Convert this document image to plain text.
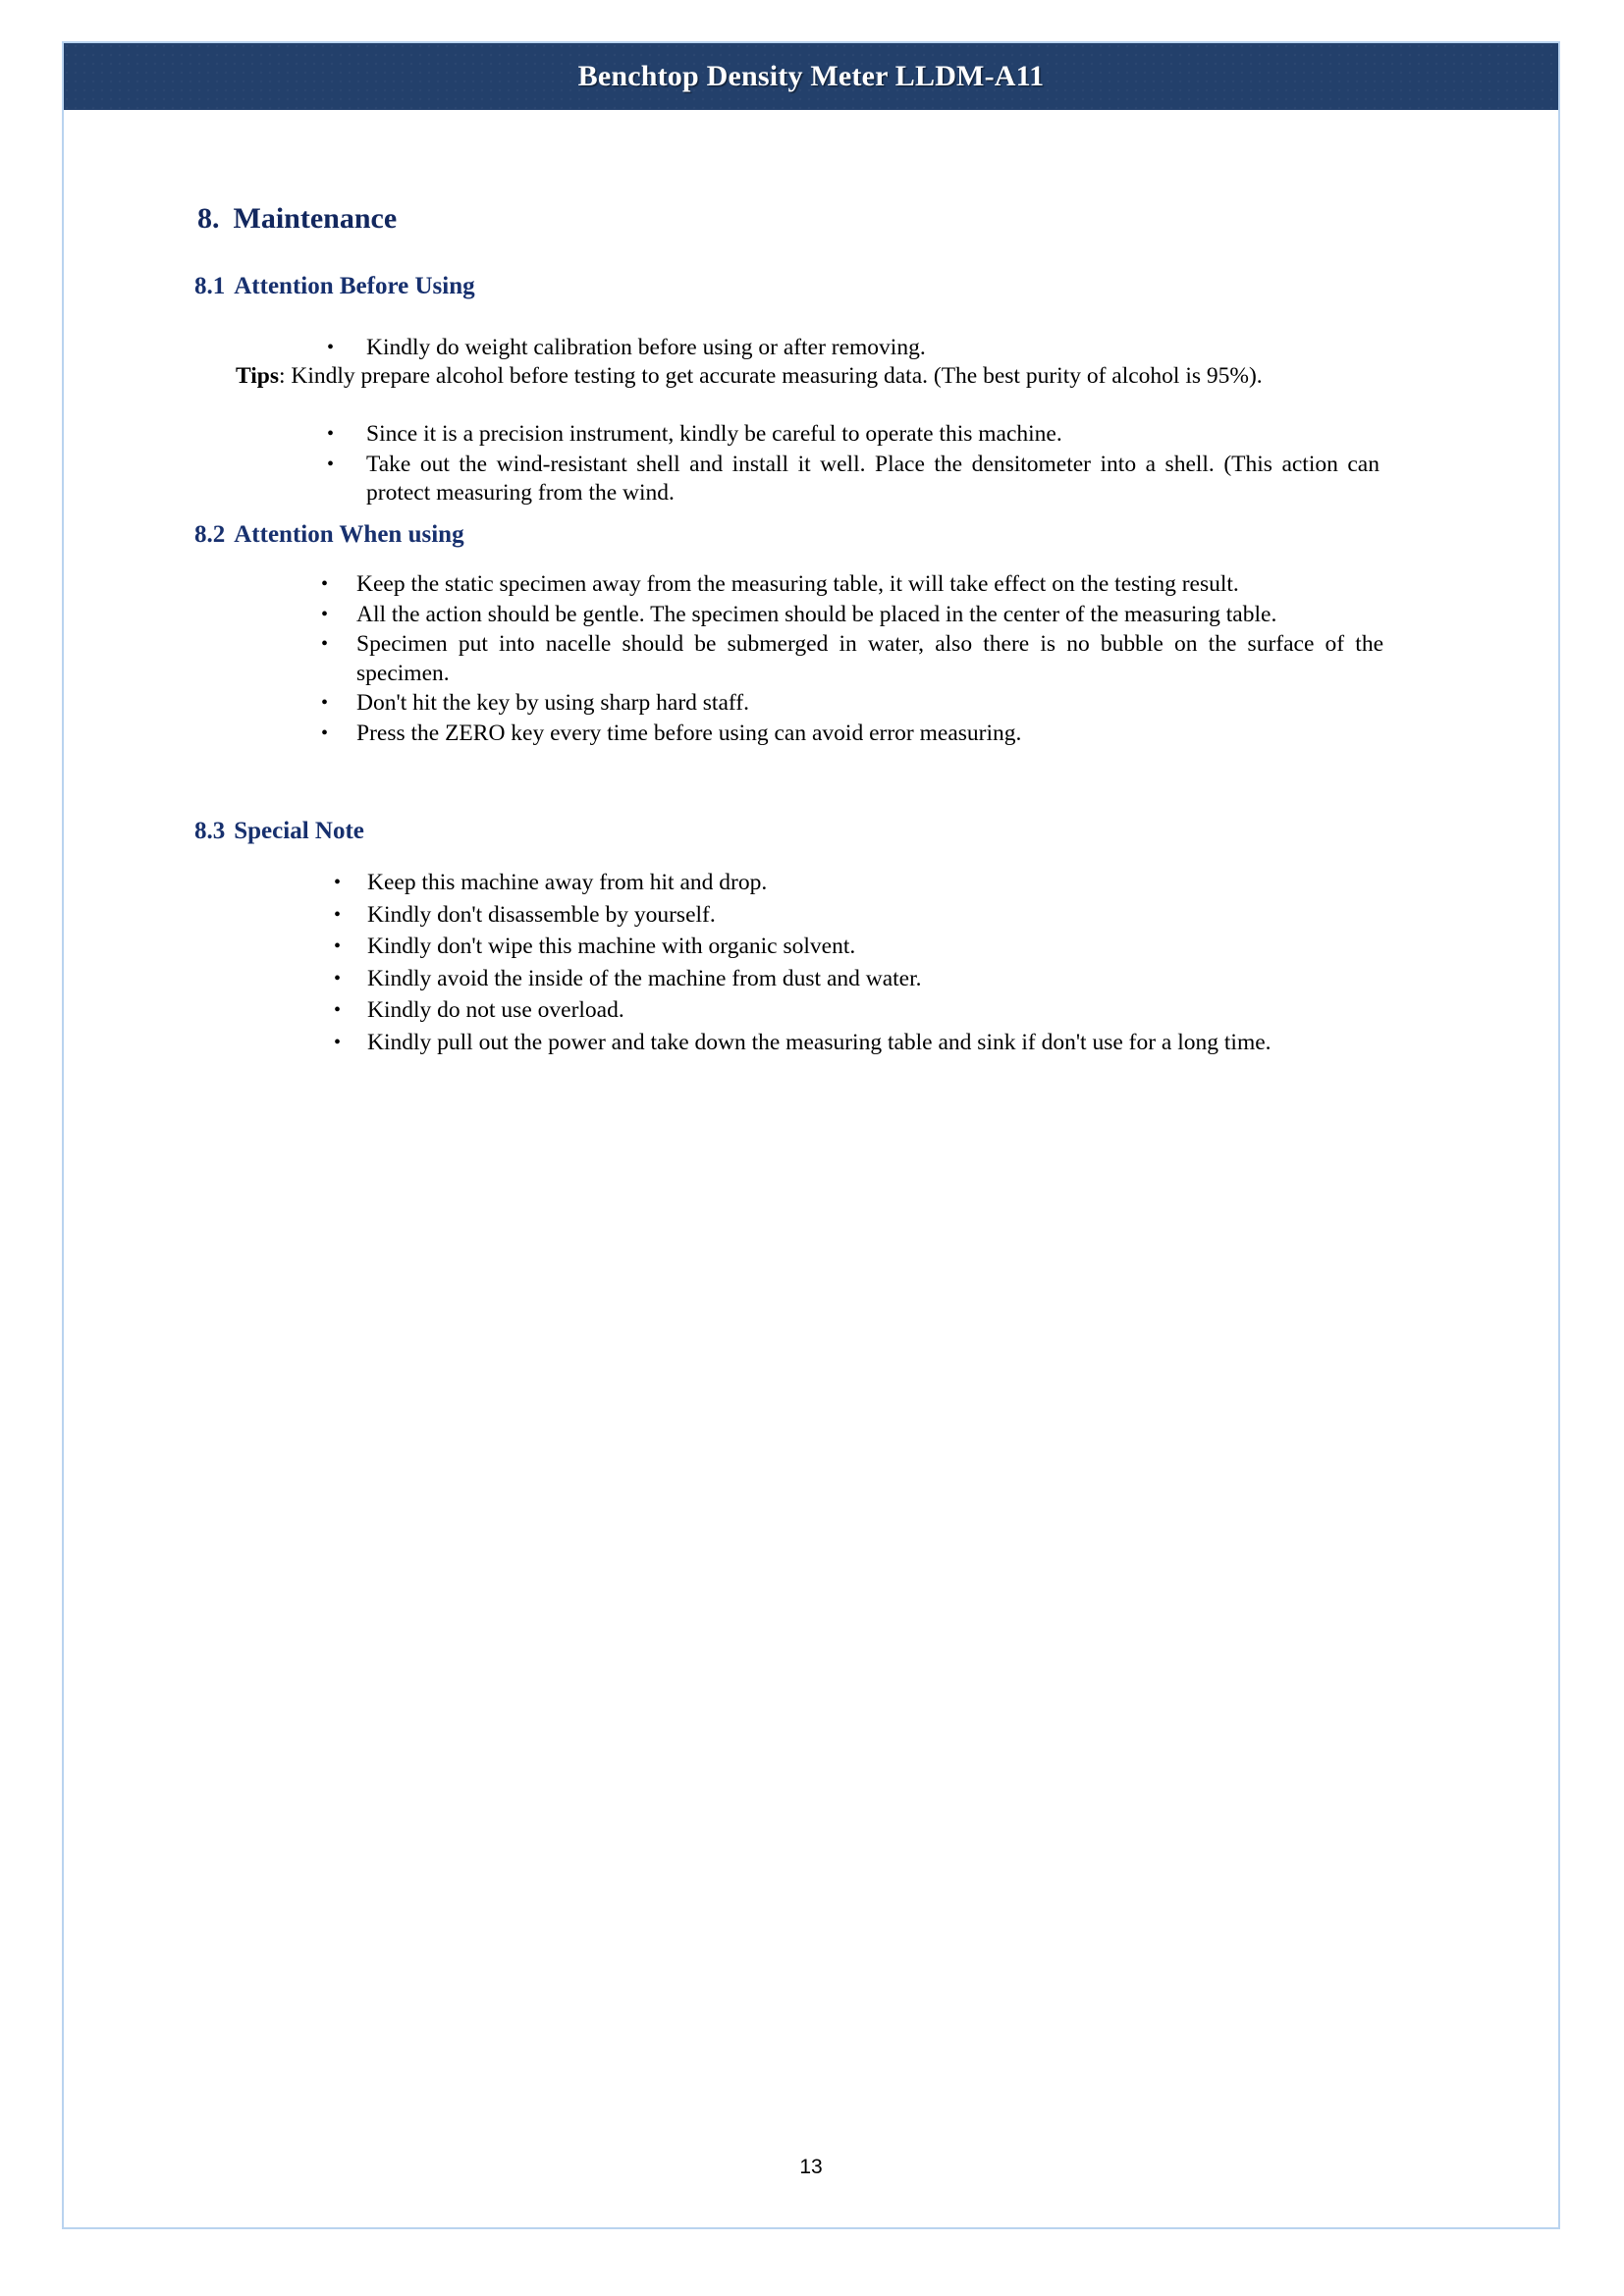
Benchtop Density Meter LLDM-A11
8. Maintenance
8.1 Attention Before Using
• Kindly do weight calibration before using or after removing.
Tips: Kindly prepare alcohol before testing to get accurate measuring data. (The best purity of alcohol is 95%).
• Since it is a precision instrument, kindly be careful to operate this machine.
• Take out the wind-resistant shell and install it well. Place the densitometer into a shell. (This action can protect measuring from the wind.
8.2 Attention When using
• Keep the static specimen away from the measuring table, it will take effect on the testing result.
• All the action should be gentle. The specimen should be placed in the center of the measuring table.
• Specimen put into nacelle should be submerged in water, also there is no bubble on the surface of the specimen.
• Don't hit the key by using sharp hard staff.
• Press the ZERO key every time before using can avoid error measuring.
8.3 Special Note
• Keep this machine away from hit and drop.
• Kindly don't disassemble by yourself.
• Kindly don't wipe this machine with organic solvent.
• Kindly avoid the inside of the machine from dust and water.
• Kindly do not use overload.
• Kindly pull out the power and take down the measuring table and sink if don't use for a long time.
13
